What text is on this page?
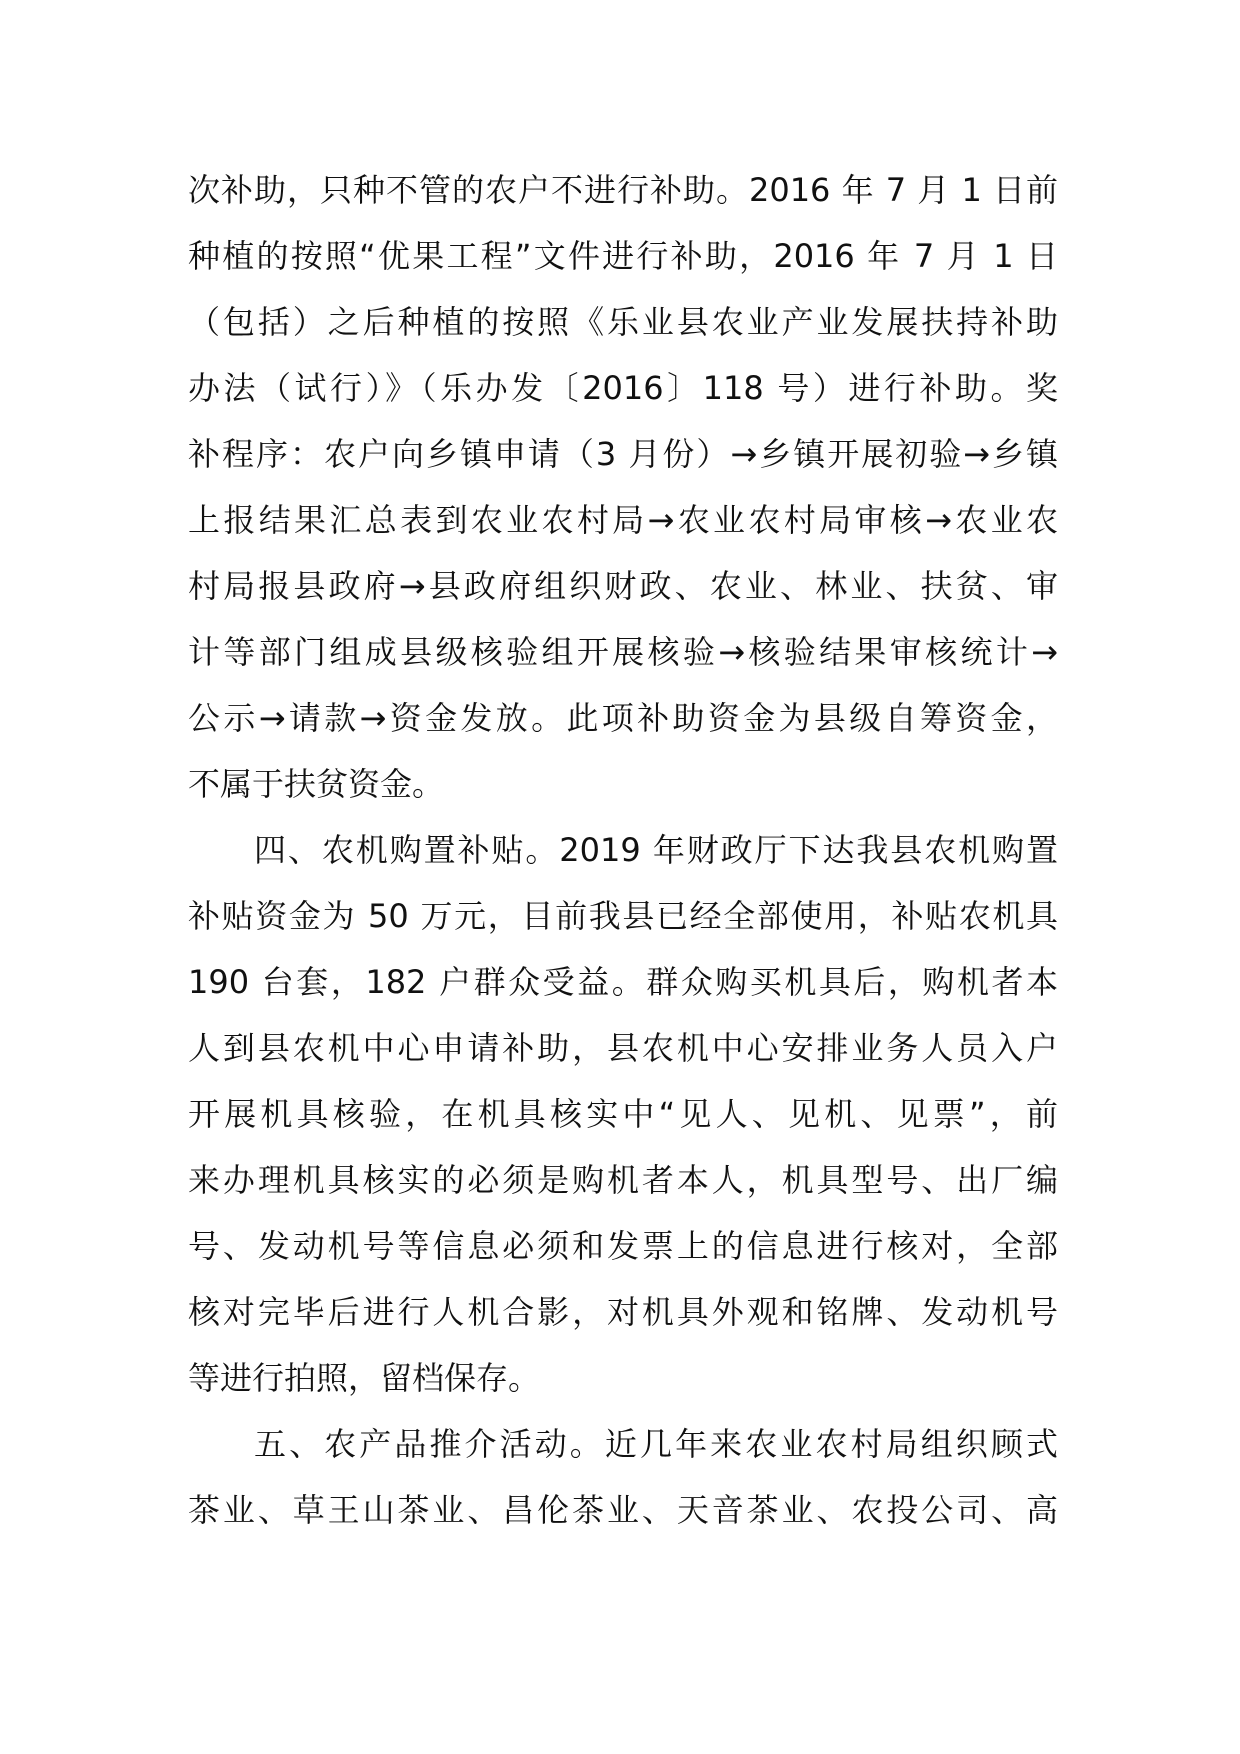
次补助，只种不管的农户不进行补助。2016 年 7 月 1 日前
种植的按照“优果工程”文件进行补助，2016 年 7 月 1 日
（包括）之后种植的按照《乐业县农业产业发展扶持补助
办法（试行）》（乐办发〔2016〕118 号）进行补助。奖
补程序：农户向乡镇申请（3 月份）→乡镇开展初验→乡镇
上报结果汇总表到农业农村局→农业农村局审核→农业农
村局报县政府→县政府组织财政、农业、林业、扶贫、审
计等部门组成县级核验组开展核验→核验结果审核统计→
公示→请款→资金发放。此项补助资金为县级自筹资金，
不属于扶贫资金。
四、农机购置补贴。2019 年财政厅下达我县农机购置
补贴资金为 50 万元，目前我县已经全部使用，补贴农机具
190 台套，182 户群众受益。群众购买机具后，购机者本
人到县农机中心申请补助，县农机中心安排业务人员入户
开展机具核验，在机具核实中“见人、见机、见票”，前
来办理机具核实的必须是购机者本人，机具型号、出厂编
号、发动机号等信息必须和发票上的信息进行核对，全部
核对完毕后进行人机合影，对机具外观和铭牌、发动机号
等进行拍照，留档保存。
五、农产品推介活动。近几年来农业农村局组织顾式
茶业、草王山茶业、昌伦茶业、天音茶业、农投公司、高
